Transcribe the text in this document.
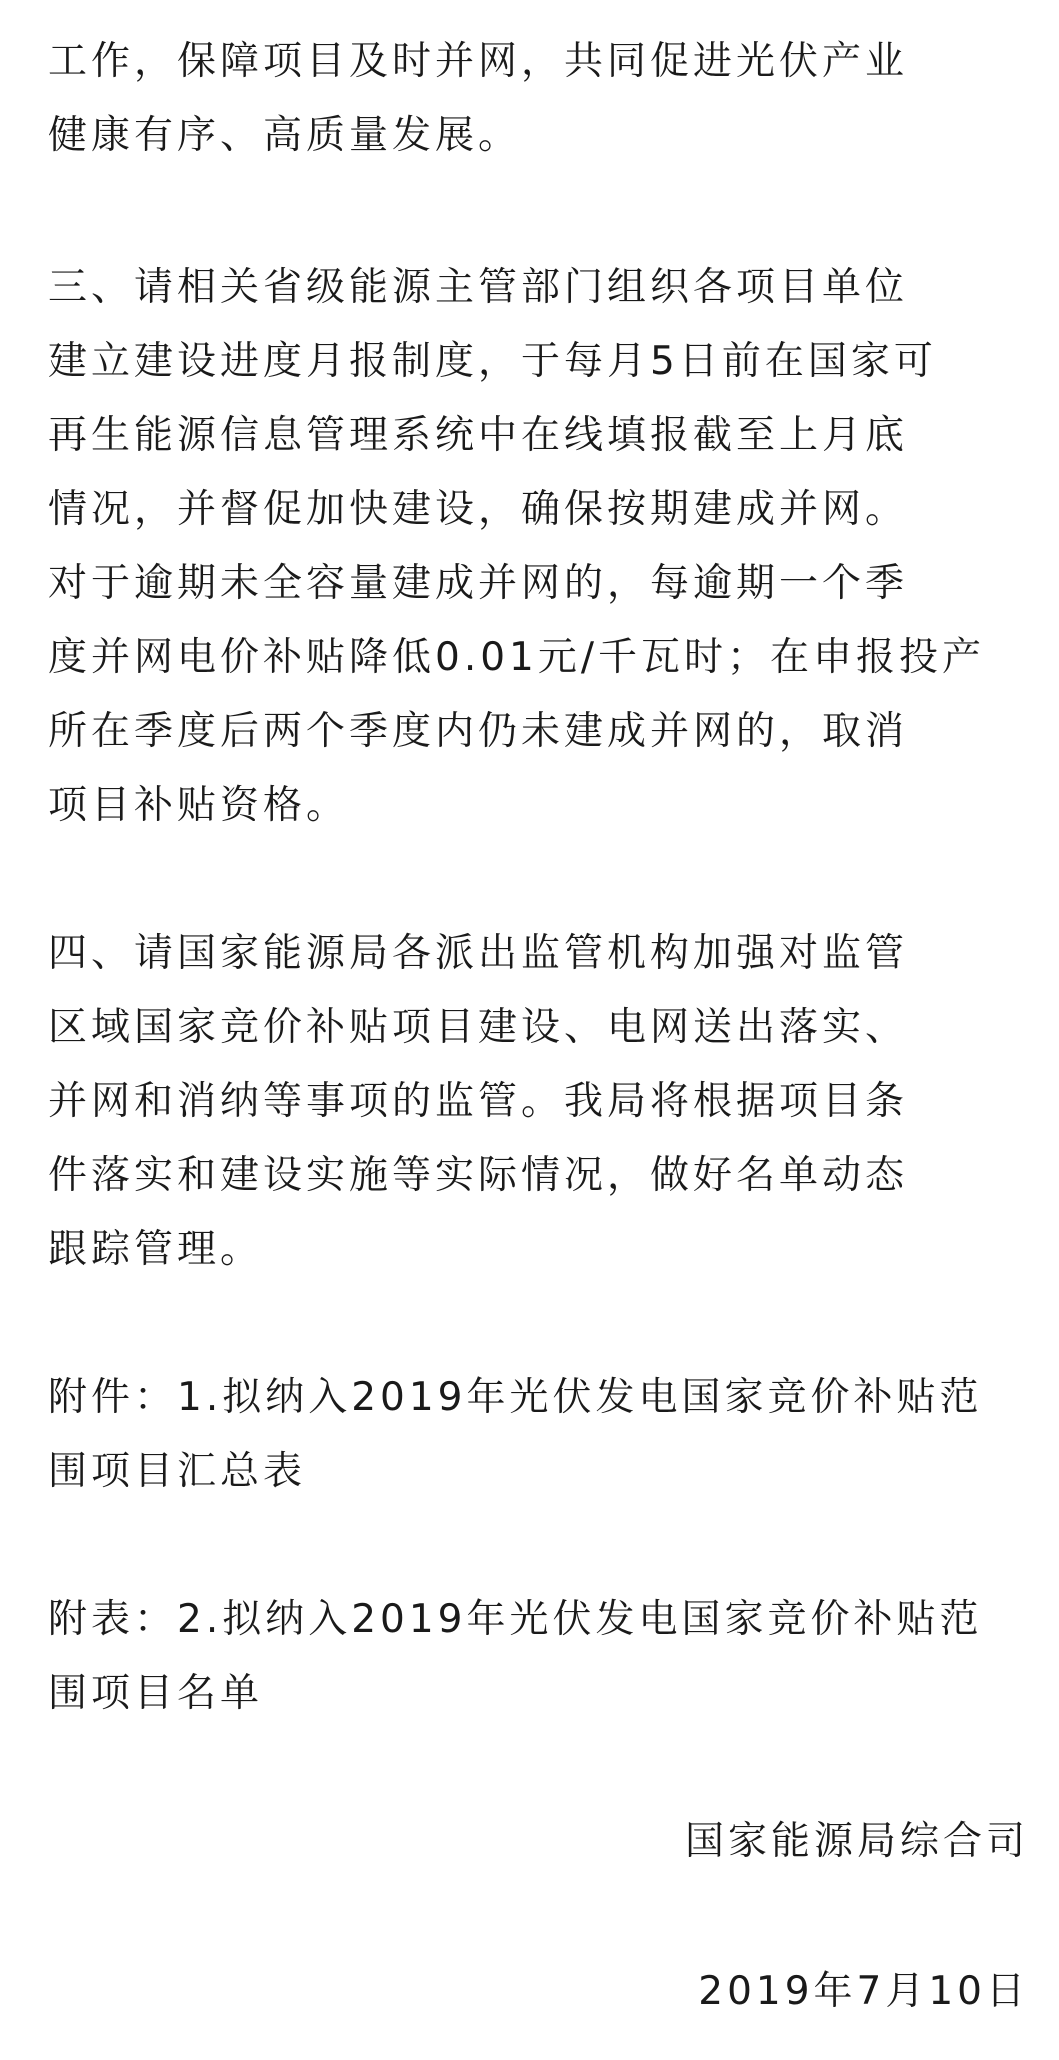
工作，保障项目及时并网，共同促进光伏产业
健康有序、高质量发展。
三、请相关省级能源主管部门组织各项目单位
建立建设进度月报制度，于每月5日前在国家可
再生能源信息管理系统中在线填报截至上月底
情况，并督促加快建设，确保按期建成并网。
对于逾期未全容量建成并网的，每逾期一个季
度并网电价补贴降低0.01元/千瓦时；在申报投产
所在季度后两个季度内仍未建成并网的，取消
项目补贴资格。
四、请国家能源局各派出监管机构加强对监管
区域国家竞价补贴项目建设、电网送出落实、
并网和消纳等事项的监管。我局将根据项目条
件落实和建设实施等实际情况，做好名单动态
跟踪管理。
附件：1.拟纳入2019年光伏发电国家竞价补贴范
围项目汇总表
附表：2.拟纳入2019年光伏发电国家竞价补贴范
围项目名单
国家能源局综合司
2019年7月10日
